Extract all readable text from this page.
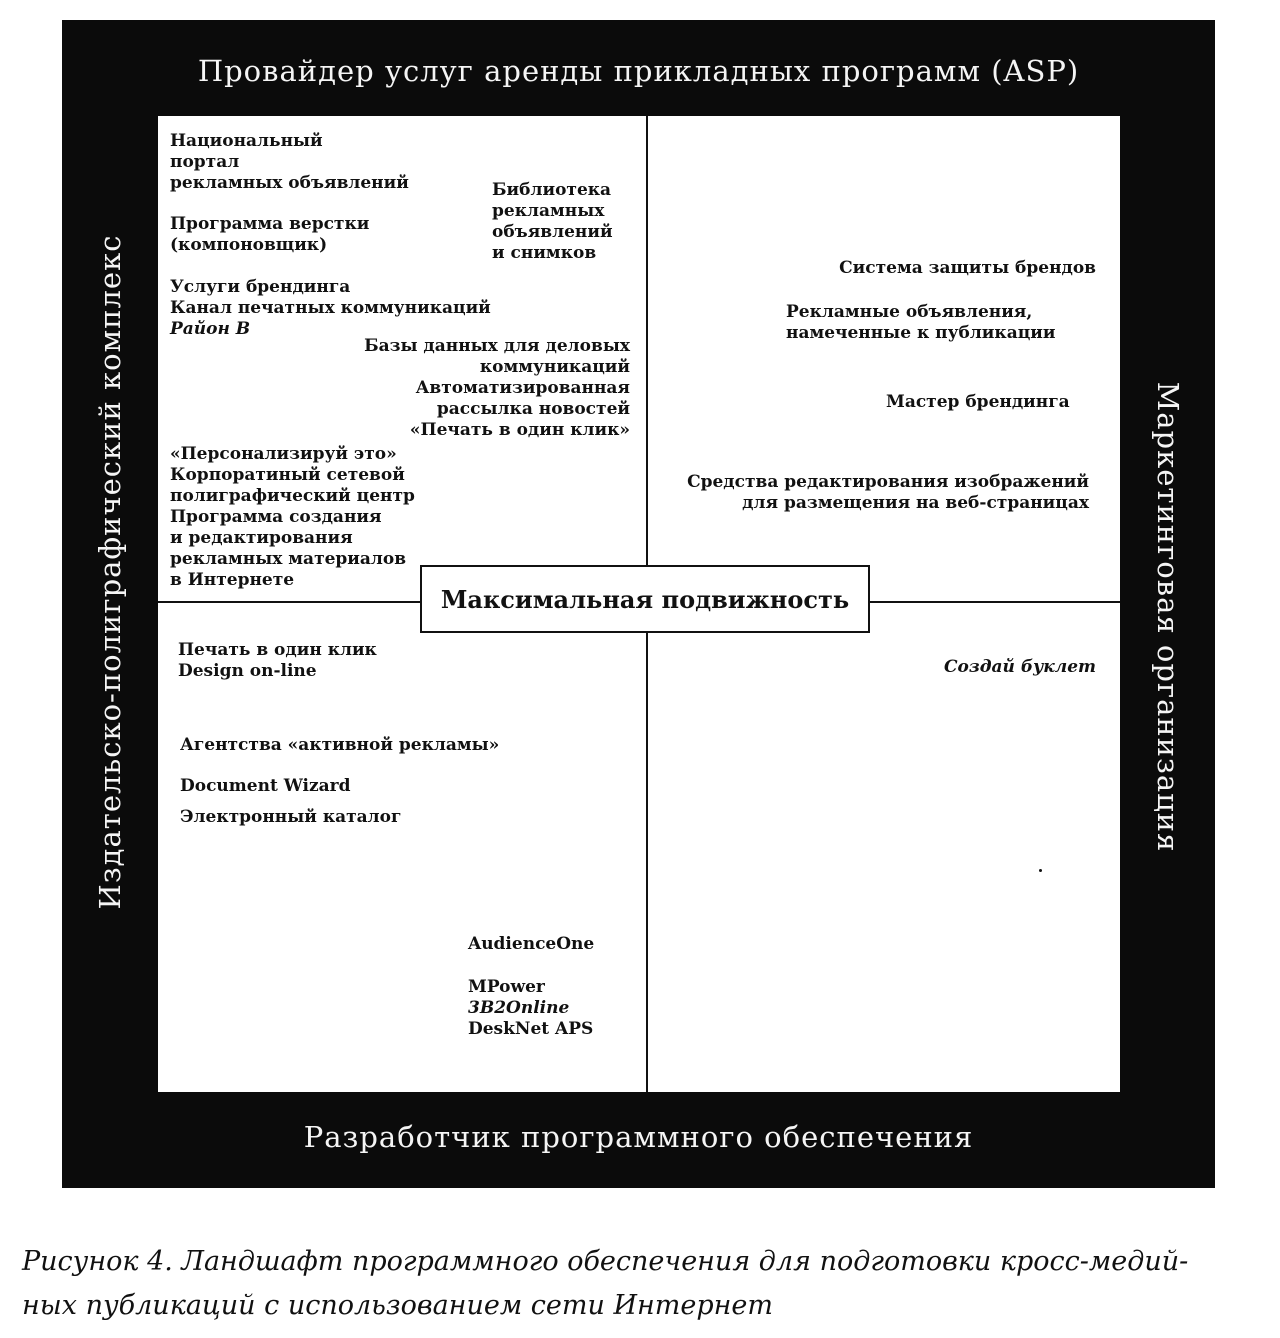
Провайдер услуг аренды прикладных программ (ASP)
Разработчик программного обеспечения
Издательско-полиграфический комплекс	Маркетинговая организация
Максимальная подвижность
Национальный
портал
рекламных объявлений
Программа верстки
(компоновщик)
Услуги брендинга
Канал печатных коммуникаций
Район В
Библиотека
рекламных
объявлений
и снимков
Базы данных для деловых
коммуникаций
Автоматизированная
рассылка новостей
«Печать в один клик»
«Персонализируй это»
Корпоратиный сетевой
полиграфический центр
Программа создания
и редактирования
рекламных материалов
в Интернете
Система защиты брендов
Рекламные объявления,
намеченные к публикации
Мастер брендинга
Средства редактирования изображений
для размещения на веб-страницах
Печать в один клик
Design on-line
Агентства «активной рекламы»
Document Wizard
Электронный каталог
AudienceOne
MPower
3B2Online
DeskNet APS
Создай буклет
Рисунок 4. Ландшафт программного обеспечения для подготовки кросс-медий-
ных публикаций с использованием сети Интернет
